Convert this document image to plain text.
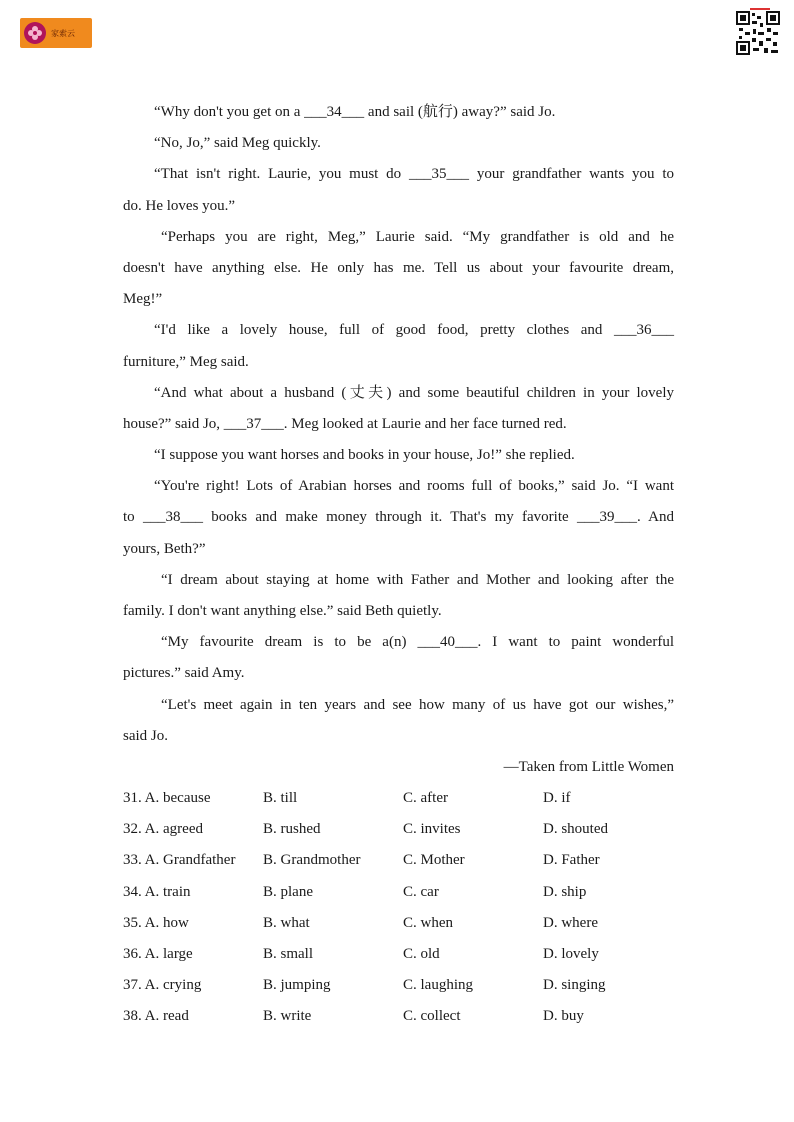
家索云
“Why don't you get on a ___34___ and sail (航行) away?” said Jo.
“No, Jo,” said Meg quickly.
“That isn't right. Laurie, you must do ___35___ your grandfather wants you to
do. He loves you.”
“Perhaps you are right, Meg,” Laurie said. “My grandfather is old and he
doesn't have anything else. He only has me. Tell us about your favourite dream,
Meg!”
“I'd like a lovely house, full of good food, pretty clothes and ___36___
furniture,” Meg said.
“And what about a husband (丈夫) and some beautiful children in your lovely
house?” said Jo, ___37___. Meg looked at Laurie and her face turned red.
“I suppose you want horses and books in your house, Jo!” she replied.
“You're right! Lots of Arabian horses and rooms full of books,” said Jo. “I want
to ___38___ books and make money through it. That's my favorite ___39___. And
yours, Beth?”
“I dream about staying at home with Father and Mother and looking after the
family. I don't want anything else.” said Beth quietly.
“My favourite dream is to be a(n) ___40___. I want to paint wonderful
pictures.” said Amy.
“Let's meet again in ten years and see how many of us have got our wishes,”
said Jo.
—Taken from Little Women
31. A. because	B. till	C. after	D. if
32. A. agreed	B. rushed	C. invites	D. shouted
33. A. Grandfather B. Grandmother	C. Mother	D. Father
34. A. train	B. plane	C. car	D. ship
35. A. how	B. what	C. when	D. where
36. A. large	B. small	C. old	D. lovely
37. A. crying	B. jumping	C. laughing	D. singing
38. A. read	B. write	C. collect	D. buy
